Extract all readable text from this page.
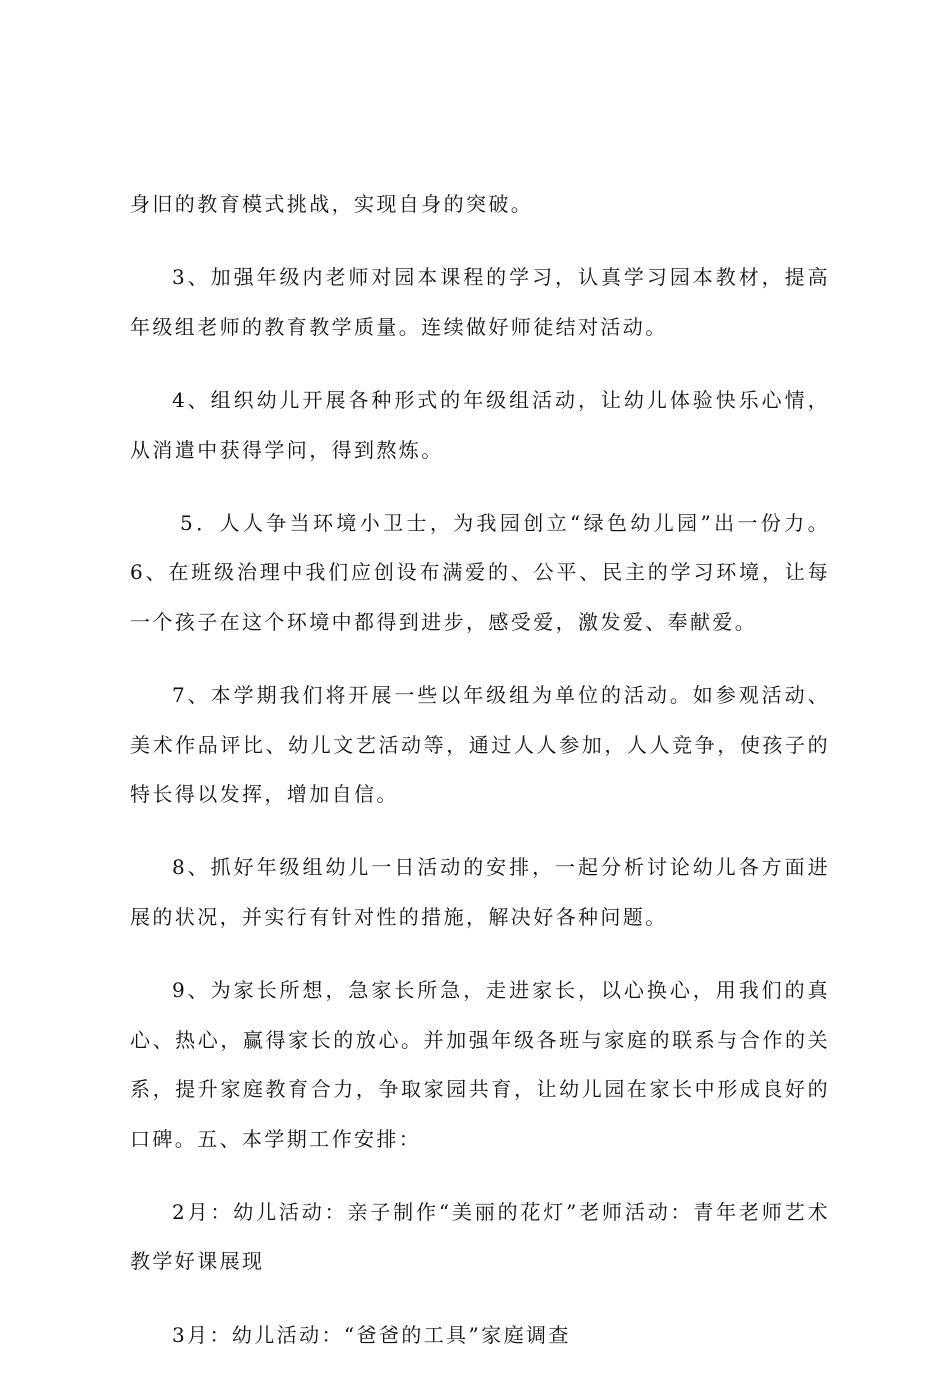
身旧的教育模式挑战，实现自身的突破。

3、加强年级内老师对园本课程的学习，认真学习园本教材，提高年级组老师的教育教学质量。连续做好师徒结对活动。

4、组织幼儿开展各种形式的年级组活动，让幼儿体验快乐心情，从消遣中获得学问，得到熬炼。

5．人人争当环境小卫士，为我园创立“绿色幼儿园”出一份力。6、在班级治理中我们应创设布满爱的、公平、民主的学习环境，让每一个孩子在这个环境中都得到进步，感受爱，激发爱、奉献爱。

7、本学期我们将开展一些以年级组为单位的活动。如参观活动、美术作品评比、幼儿文艺活动等，通过人人参加，人人竞争，使孩子的特长得以发挥，增加自信。

8、抓好年级组幼儿一日活动的安排，一起分析讨论幼儿各方面进展的状况，并实行有针对性的措施，解决好各种问题。

9、为家长所想，急家长所急，走进家长，以心换心，用我们的真心、热心，赢得家长的放心。并加强年级各班与家庭的联系与合作的关系，提升家庭教育合力，争取家园共育，让幼儿园在家长中形成良好的口碑。五、本学期工作安排：

2月：幼儿活动：亲子制作“美丽的花灯”老师活动：青年老师艺术教学好课展现

3月：幼儿活动：“爸爸的工具”家庭调查
